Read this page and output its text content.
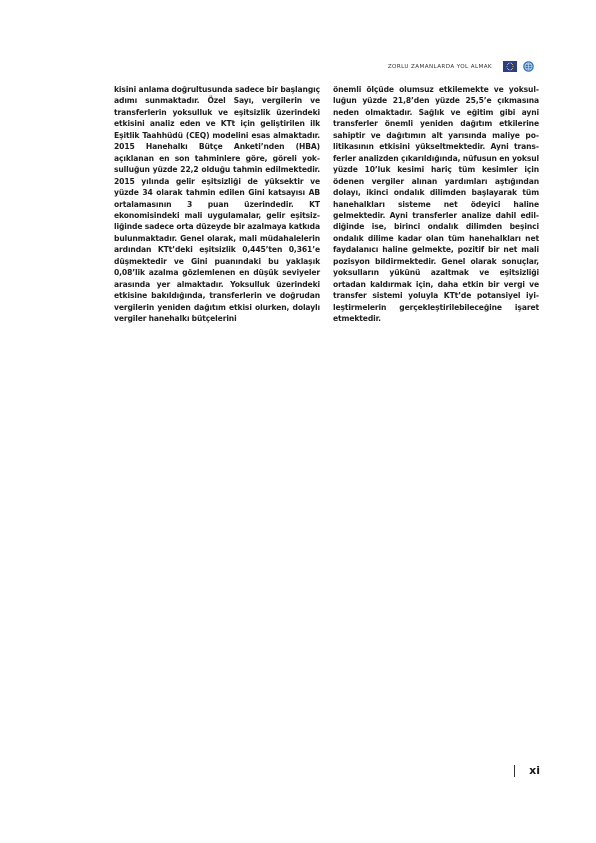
ZORLU ZAMANLARDA YOL ALMAK

kisini anlama doğrultusunda sadece bir başlangıç adımı sunmaktadır. Özel Sayı, vergilerin ve transferlerin yoksulluk ve eşitsizlik üzerindeki etkisini analiz eden ve KTt için geliştirilen ilk Eşitlik Taahhüdü (CEQ) modelini esas almaktadır. 2015 Hanehalkı Bütçe Anketi’nden (HBA) açıklanan en son tahminlere göre, göreli yoksulluğun yüzde 22,2 olduğu tahmin edilmektedir. 2015 yılında gelir eşitsizliği de yüksektir ve yüzde 34 olarak tahmin edilen Gini katsayısı AB ortalamasının 3 puan üzerindedir. KT ekonomisindeki mali uygulamalar, gelir eşitsizliğinde sadece orta düzeyde bir azalmaya katkıda bulunmaktadır. Genel olarak, mali müdahalelerin ardından KTt’deki eşitsizlik 0,445’ten 0,361’e düşmektedir ve Gini puanındaki bu yaklaşık 0,08’lik azalma gözlemlenen en düşük seviyeler arasında yer almaktadır. Yoksulluk üzerindeki etkisine bakıldığında, transferlerin ve doğrudan vergilerin yeniden dağıtım etkisi olurken, dolaylı vergiler hanehalkı bütçelerini

önemli ölçüde olumsuz etkilemekte ve yoksulluğun yüzde 21,8’den yüzde 25,5’e çıkmasına neden olmaktadır. Sağlık ve eğitim gibi ayni transferler önemli yeniden dağıtım etkilerine sahiptir ve dağıtımın alt yarısında maliye politikasının etkisini yükseltmektedir. Ayni transferler analizden çıkarıldığında, nüfusun en yoksul yüzde 10’luk kesimi hariç tüm kesimler için ödenen vergiler alınan yardımları aştığından dolayı, ikinci ondalık dilimden başlayarak tüm hanehalkları sisteme net ödeyici haline gelmektedir. Ayni transferler analize dahil edildiğinde ise, birinci ondalık dilimden beşinci ondalık dilime kadar olan tüm hanehalkları net faydalanıcı haline gelmekte, pozitif bir net mali pozisyon bildirmektedir. Genel olarak sonuçlar, yoksulların yükünü azaltmak ve eşitsizliği ortadan kaldırmak için, daha etkin bir vergi ve transfer sistemi yoluyla KTt’de potansiyel iyileştirmelerin gerçekleştirilebileceğine işaret etmektedir.

xi
